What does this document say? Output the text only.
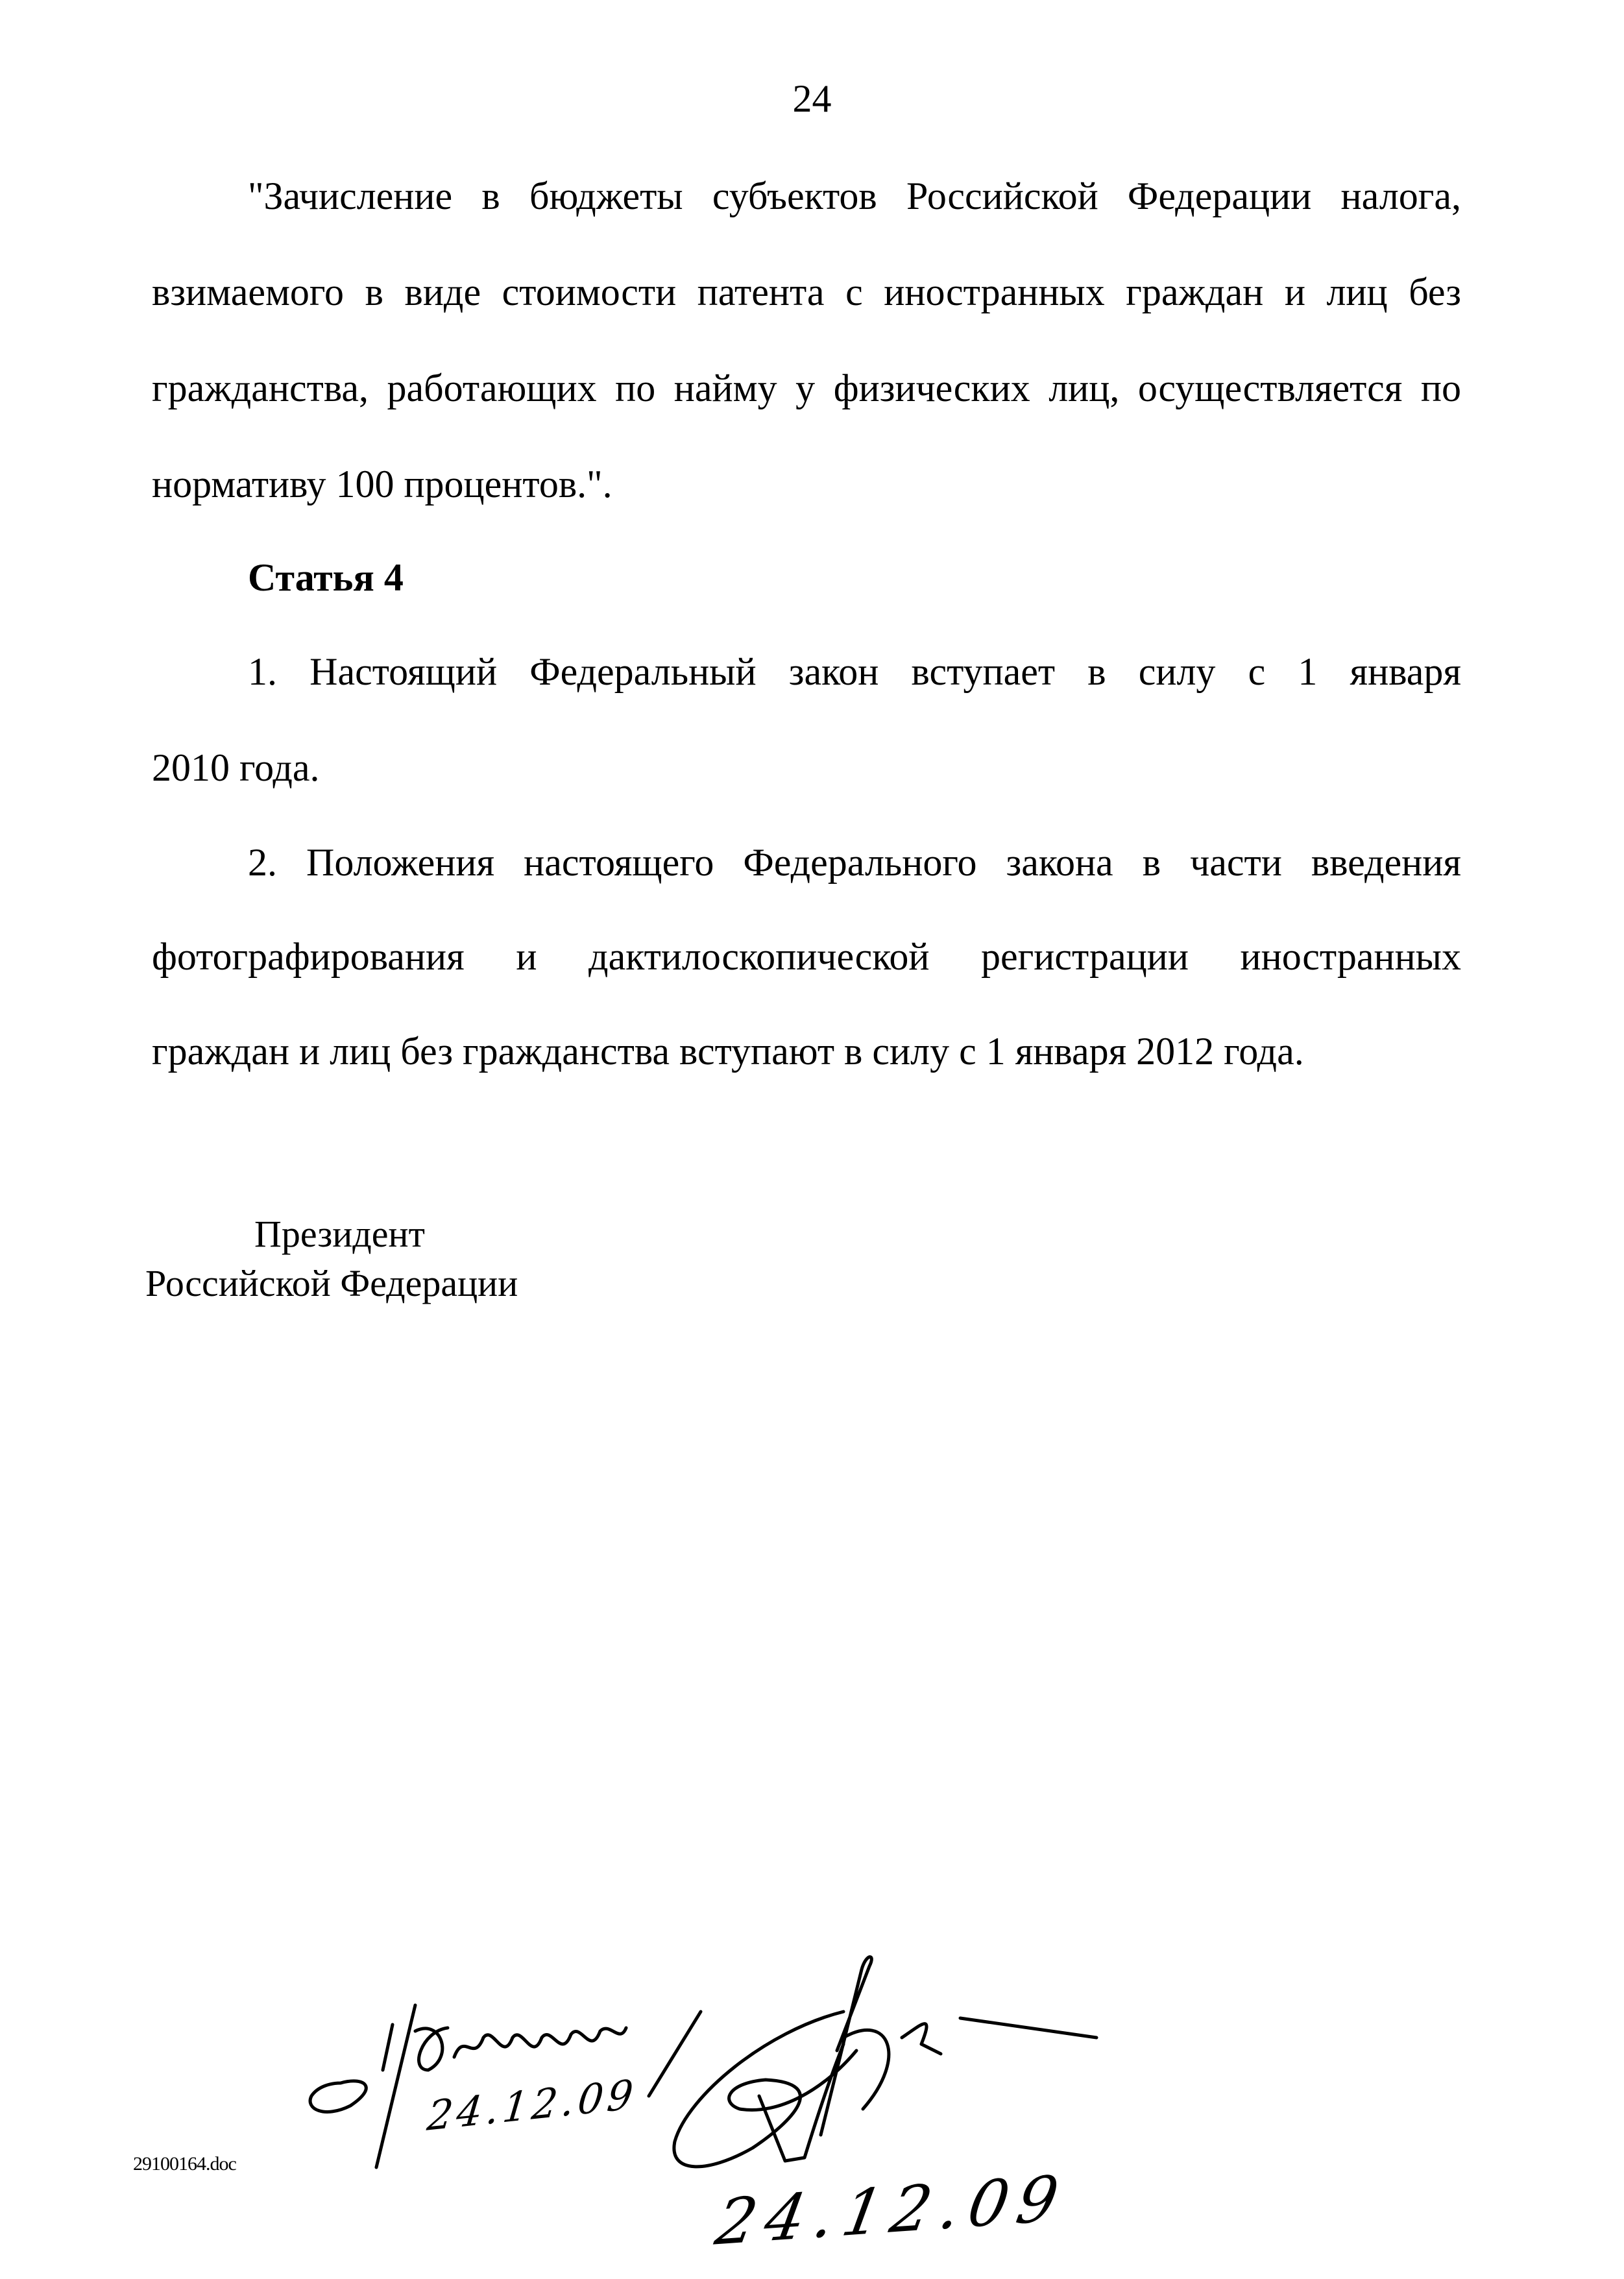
24
"Зачисление в бюджеты субъектов Российской Федерации налога,
взимаемого в виде стоимости патента с иностранных граждан и лиц без
гражданства, работающих по найму у физических лиц, осуществляется по
нормативу 100 процентов.".
Статья 4
1. Настоящий Федеральный закон вступает в силу с 1 января
2010 года.
2. Положения настоящего Федерального закона в части введения
фотографирования и дактилоскопической регистрации иностранных
граждан и лиц без гражданства вступают в силу с 1 января 2012 года.
Президент
Российской Федерации
24.12.09
24.12.09
29100164.doc
